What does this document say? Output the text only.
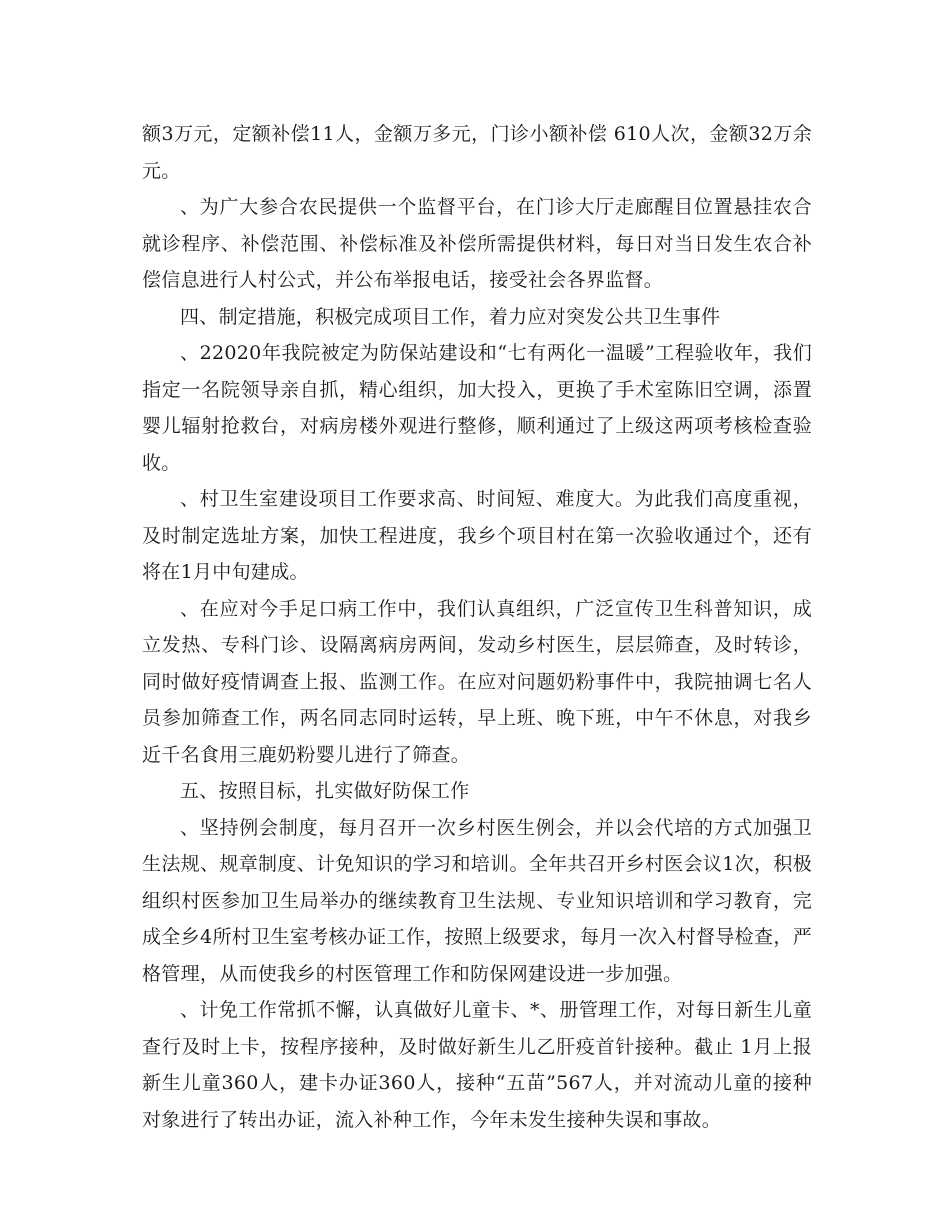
额3万元，定额补偿11人，金额万多元，门诊小额补偿 610人次，金额32万余元。

、为广大参合农民提供一个监督平台，在门诊大厅走廊醒目位置悬挂农合就诊程序、补偿范围、补偿标准及补偿所需提供材料，每日对当日发生农合补偿信息进行人村公式，并公布举报电话，接受社会各界监督。

四、制定措施，积极完成项目工作，着力应对突发公共卫生事件

、22020年我院被定为防保站建设和“七有两化一温暖”工程验收年，我们指定一名院领导亲自抓，精心组织，加大投入，更换了手术室陈旧空调，添置婴儿辐射抢救台，对病房楼外观进行整修，顺利通过了上级这两项考核检查验收。

、村卫生室建设项目工作要求高、时间短、难度大。为此我们高度重视，及时制定选址方案，加快工程进度，我乡个项目村在第一次验收通过个，还有将在1月中旬建成。

、在应对今手足口病工作中，我们认真组织，广泛宣传卫生科普知识，成立发热、专科门诊、设隔离病房两间，发动乡村医生，层层筛查，及时转诊，同时做好疫情调查上报、监测工作。在应对问题奶粉事件中，我院抽调七名人员参加筛查工作，两名同志同时运转，早上班、晚下班，中午不休息，对我乡近千名食用三鹿奶粉婴儿进行了筛查。

五、按照目标，扎实做好防保工作

、坚持例会制度，每月召开一次乡村医生例会，并以会代培的方式加强卫生法规、规章制度、计免知识的学习和培训。全年共召开乡村医会议1次，积极组织村医参加卫生局举办的继续教育卫生法规、专业知识培训和学习教育，完成全乡4所村卫生室考核办证工作，按照上级要求，每月一次入村督导检查，严格管理，从而使我乡的村医管理工作和防保网建设进一步加强。

、计免工作常抓不懈，认真做好儿童卡、*、册管理工作，对每日新生儿童查行及时上卡，按程序接种，及时做好新生儿乙肝疫首针接种。截止 1月上报新生儿童360人，建卡办证360人，接种“五苗”567人，并对流动儿童的接种对象进行了转出办证，流入补种工作，今年未发生接种失误和事故。
